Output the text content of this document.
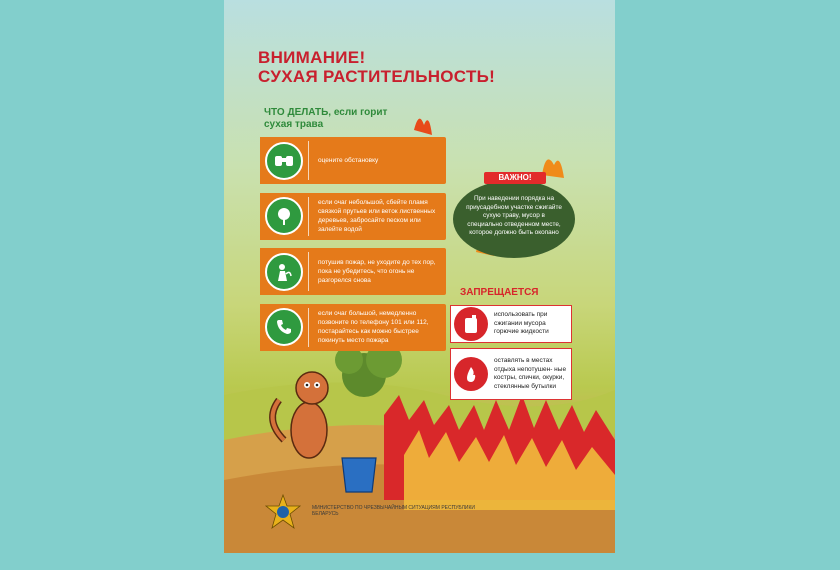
ВНИМАНИЕ!
СУХАЯ РАСТИТЕЛЬНОСТЬ!
ЧТО ДЕЛАТЬ, если горит сухая трава
оцените обстановку
если очаг небольшой, сбейте пламя связкой прутьев или веток лиственных деревьев, забросайте песком или залейте водой
потушив пожар, не уходите до тех пор, пока не убедитесь, что огонь не разгорелся снова
если очаг большой, немедленно позвоните по телефону 101 или 112, постарайтесь как можно быстрее покинуть место пожара
При наведении порядка на приусадебном участке сжигайте сухую траву, мусор в специально отведенном месте, которое должно быть окопано
ВАЖНО!
ЗАПРЕЩАЕТСЯ
использовать при сжигании мусора горючие жидкости
оставлять в местах отдыха непотушен- ные костры, спички, окурки, стеклянные бутылки
МИНИСТЕРСТВО ПО ЧРЕЗВЫЧАЙНЫМ СИТУАЦИЯМ РЕСПУБЛИКИ БЕЛАРУСЬ
